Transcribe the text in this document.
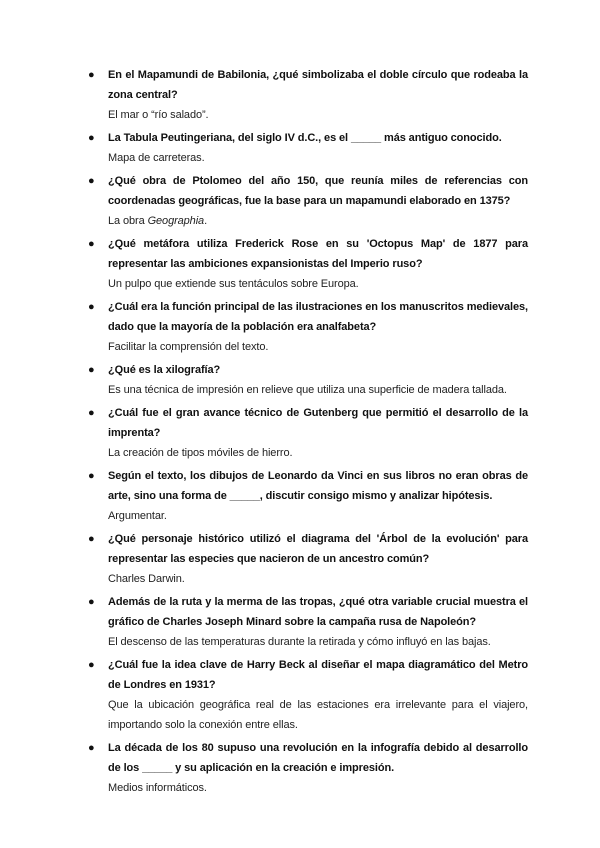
●	En el Mapamundi de Babilonia, ¿qué simbolizaba el doble círculo que rodeaba la zona central?
El mar o “río salado”.
●	La Tabula Peutingeriana, del siglo IV d.C., es el _____ más antiguo conocido.
Mapa de carreteras.
●	¿Qué obra de Ptolomeo del año 150, que reunía miles de referencias con coordenadas geográficas, fue la base para un mapamundi elaborado en 1375?
La obra Geographia.
●	¿Qué metáfora utiliza Frederick Rose en su 'Octopus Map' de 1877 para representar las ambiciones expansionistas del Imperio ruso?
Un pulpo que extiende sus tentáculos sobre Europa.
●	¿Cuál era la función principal de las ilustraciones en los manuscritos medievales, dado que la mayoría de la población era analfabeta?
Facilitar la comprensión del texto.
●	¿Qué es la xilografía?
Es una técnica de impresión en relieve que utiliza una superficie de madera tallada.
●	¿Cuál fue el gran avance técnico de Gutenberg que permitió el desarrollo de la imprenta?
La creación de tipos móviles de hierro.
●	Según el texto, los dibujos de Leonardo da Vinci en sus libros no eran obras de arte, sino una forma de _____, discutir consigo mismo y analizar hipótesis.
Argumentar.
●	¿Qué personaje histórico utilizó el diagrama del 'Árbol de la evolución' para representar las especies que nacieron de un ancestro común?
Charles Darwin.
●	Además de la ruta y la merma de las tropas, ¿qué otra variable crucial muestra el gráfico de Charles Joseph Minard sobre la campaña rusa de Napoleón?
El descenso de las temperaturas durante la retirada y cómo influyó en las bajas.
●	¿Cuál fue la idea clave de Harry Beck al diseñar el mapa diagramático del Metro de Londres en 1931?
Que la ubicación geográfica real de las estaciones era irrelevante para el viajero, importando solo la conexión entre ellas.
●	La década de los 80 supuso una revolución en la infografía debido al desarrollo de los _____ y su aplicación en la creación e impresión.
Medios informáticos.
